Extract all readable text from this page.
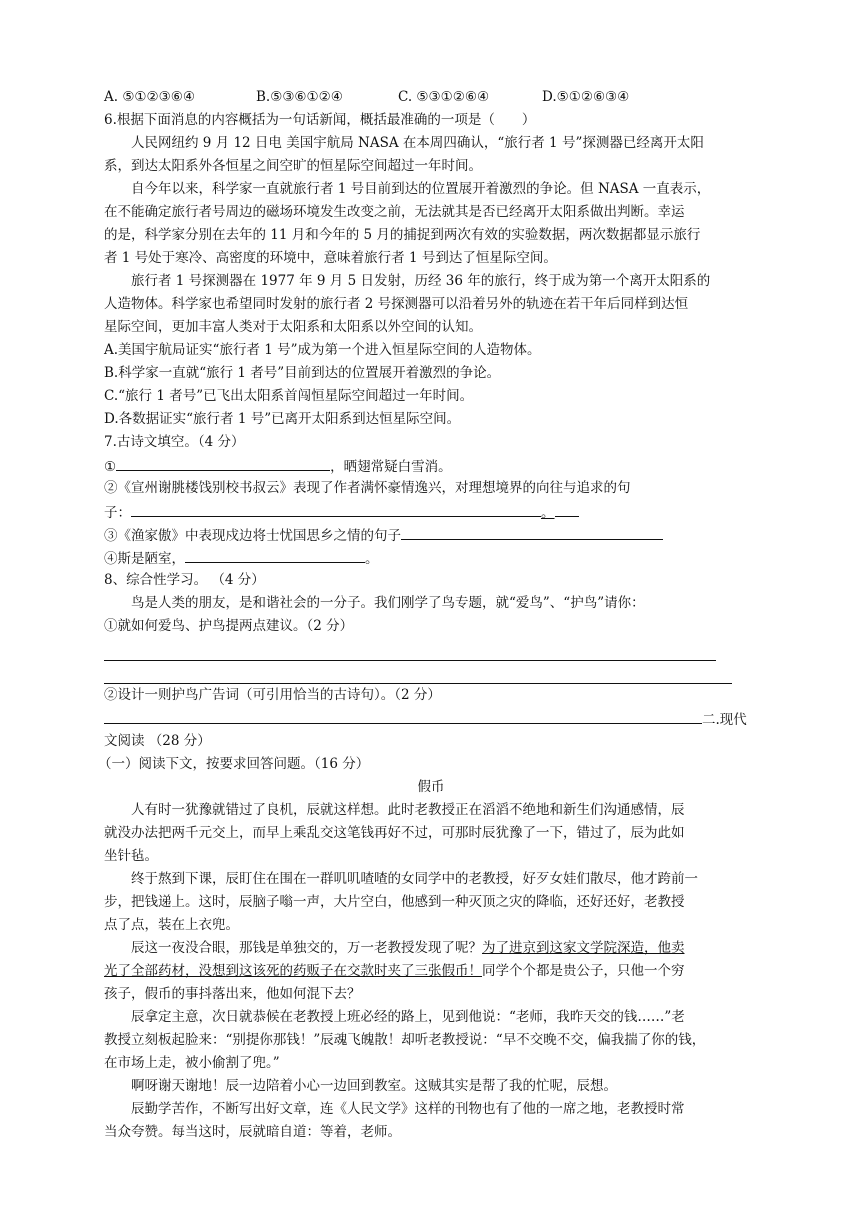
A. ⑤①②③⑥④	B.⑤③⑥①②④	C. ⑤③①②⑥④	D.⑤①②⑥③④
6.根据下面消息的内容概括为一句话新闻，概括最准确的一项是（　　）
人民网纽约 9 月 12 日电 美国宇航局 NASA 在本周四确认，“旅行者 1 号”探测器已经离开太阳
系，到达太阳系外各恒星之间空旷的恒星际空间超过一年时间。
自今年以来，科学家一直就旅行者 1 号目前到达的位置展开着激烈的争论。但 NASA 一直表示，
在不能确定旅行者号周边的磁场环境发生改变之前，无法就其是否已经离开太阳系做出判断。幸运
的是，科学家分别在去年的 11 月和今年的 5 月的捕捉到两次有效的实验数据，两次数据都显示旅行
者 1 号处于寒冷、高密度的环境中，意味着旅行者 1 号到达了恒星际空间。
旅行者 1 号探测器在 1977 年 9 月 5 日发射，历经 36 年的旅行，终于成为第一个离开太阳系的
人造物体。科学家也希望同时发射的旅行者 2 号探测器可以沿着另外的轨迹在若干年后同样到达恒
星际空间，更加丰富人类对于太阳系和太阳系以外空间的认知。
A.美国宇航局证实“旅行者 1 号”成为第一个进入恒星际空间的人造物体。
B.科学家一直就“旅行 1 者号”目前到达的位置展开着激烈的争论。
C.“旅行 1 者号”已飞出太阳系首闯恒星际空间超过一年时间。
D.各数据证实“旅行者 1 号”已离开太阳系到达恒星际空间。
7.古诗文填空。（4 分）
①	，晒翅常疑白雪消。
②《宣州谢朓楼饯别校书叔云》表现了作者满怀豪情逸兴，对理想境界的向往与追求的句
子：	。
③《渔家傲》中表现戍边将士忧国思乡之情的句子
④斯是陋室，	。
8、综合性学习。 （4 分）
鸟是人类的朋友，是和谐社会的一分子。我们刚学了鸟专题，就“爱鸟”、“护鸟”请你：
①就如何爱鸟、护鸟提两点建议。（2 分）
②设计一则护鸟广告词（可引用恰当的古诗句）。（2 分）
二.现代
文阅读 （28 分）
（一）阅读下文，按要求回答问题。（16 分）
假币
人有时一犹豫就错过了良机，辰就这样想。此时老教授正在滔滔不绝地和新生们沟通感情，辰
就没办法把两千元交上，而早上乘乱交这笔钱再好不过，可那时辰犹豫了一下，错过了，辰为此如
坐针毡。
终于熬到下课，辰盯住在围在一群叽叽喳喳的女同学中的老教授，好歹女娃们散尽，他才跨前一
步，把钱递上。这时，辰脑子嗡一声，大片空白，他感到一种灭顶之灾的降临，还好还好，老教授
点了点，装在上衣兜。
辰这一夜没合眼，那钱是单独交的，万一老教授发现了呢？为了进京到这家文学院深造，他卖
光了全部药材，没想到这该死的药贩子在交款时夹了三张假币！同学个个都是贵公子，只他一个穷
孩子，假币的事抖落出来，他如何混下去？
辰拿定主意，次日就恭候在老教授上班必经的路上，见到他说：“老师，我昨天交的钱……”老
教授立刻板起脸来：“别提你那钱！”辰魂飞魄散！却听老教授说：“早不交晚不交，偏我揣了你的钱，
在市场上走，被小偷割了兜。”
啊呀谢天谢地！辰一边陪着小心一边回到教室。这贼其实是帮了我的忙呢，辰想。
辰勤学苦作，不断写出好文章，连《人民文学》这样的刊物也有了他的一席之地，老教授时常
当众夸赞。每当这时，辰就暗自道：等着，老师。
